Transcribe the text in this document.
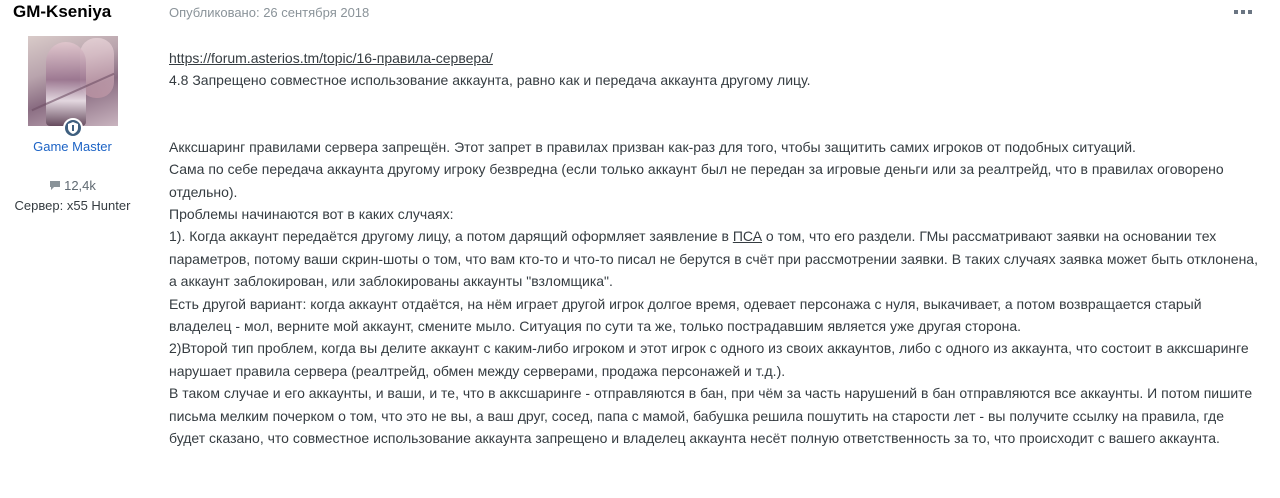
GM-Kseniya
Game Master
12,4k
Сервер: x55 Hunter
Опубликовано: 26 сентября 2018

https://forum.asterios.tm/topic/16-правила-сервера/

4.8 Запрещено совместное использование аккаунта, равно как и передача аккаунта другому лицу.

Акксшаринг правилами сервера запрещён. Этот запрет в правилах призван как-раз для того, чтобы защитить самих игроков от подобных ситуаций.

Сама по себе передача аккаунта другому игроку безвредна (если только аккаунт был не передан за игровые деньги или за реалтрейд, что в правилах оговорено отдельно).

Проблемы начинаются вот в каких случаях:

1). Когда аккаунт передаётся другому лицу, а потом дарящий оформляет заявление в ПСА о том, что его раздели. ГМы рассматривают заявки на основании тех параметров, потому ваши скрин-шоты о том, что вам кто-то и что-то писал не берутся в счёт при рассмотрении заявки. В таких случаях заявка может быть отклонена, а аккаунт заблокирован, или заблокированы аккаунты "взломщика".

Есть другой вариант: когда аккаунт отдаётся, на нём играет другой игрок долгое время, одевает персонажа с нуля, выкачивает, а потом возвращается старый владелец - мол, верните мой аккаунт, смените мыло. Ситуация по сути та же, только пострадавшим является уже другая сторона.

2)Второй тип проблем, когда вы делите аккаунт с каким-либо игроком и этот игрок с одного из своих аккаунтов, либо с одного из аккаунта, что состоит в акксшаринге нарушает правила сервера (реалтрейд, обмен между серверами, продажа персонажей и т.д.).

В таком случае и его аккаунты, и ваши, и те, что в акксшаринге - отправляются в бан, при чём за часть нарушений в бан отправляются все аккаунты. И потом пишите письма мелким почерком о том, что это не вы, а ваш друг, сосед, папа с мамой, бабушка решила пошутить на старости лет - вы получите ссылку на правила, где будет сказано, что совместное использование аккаунта запрещено и владелец аккаунта несёт полную ответственность за то, что происходит с вашего аккаунта.
